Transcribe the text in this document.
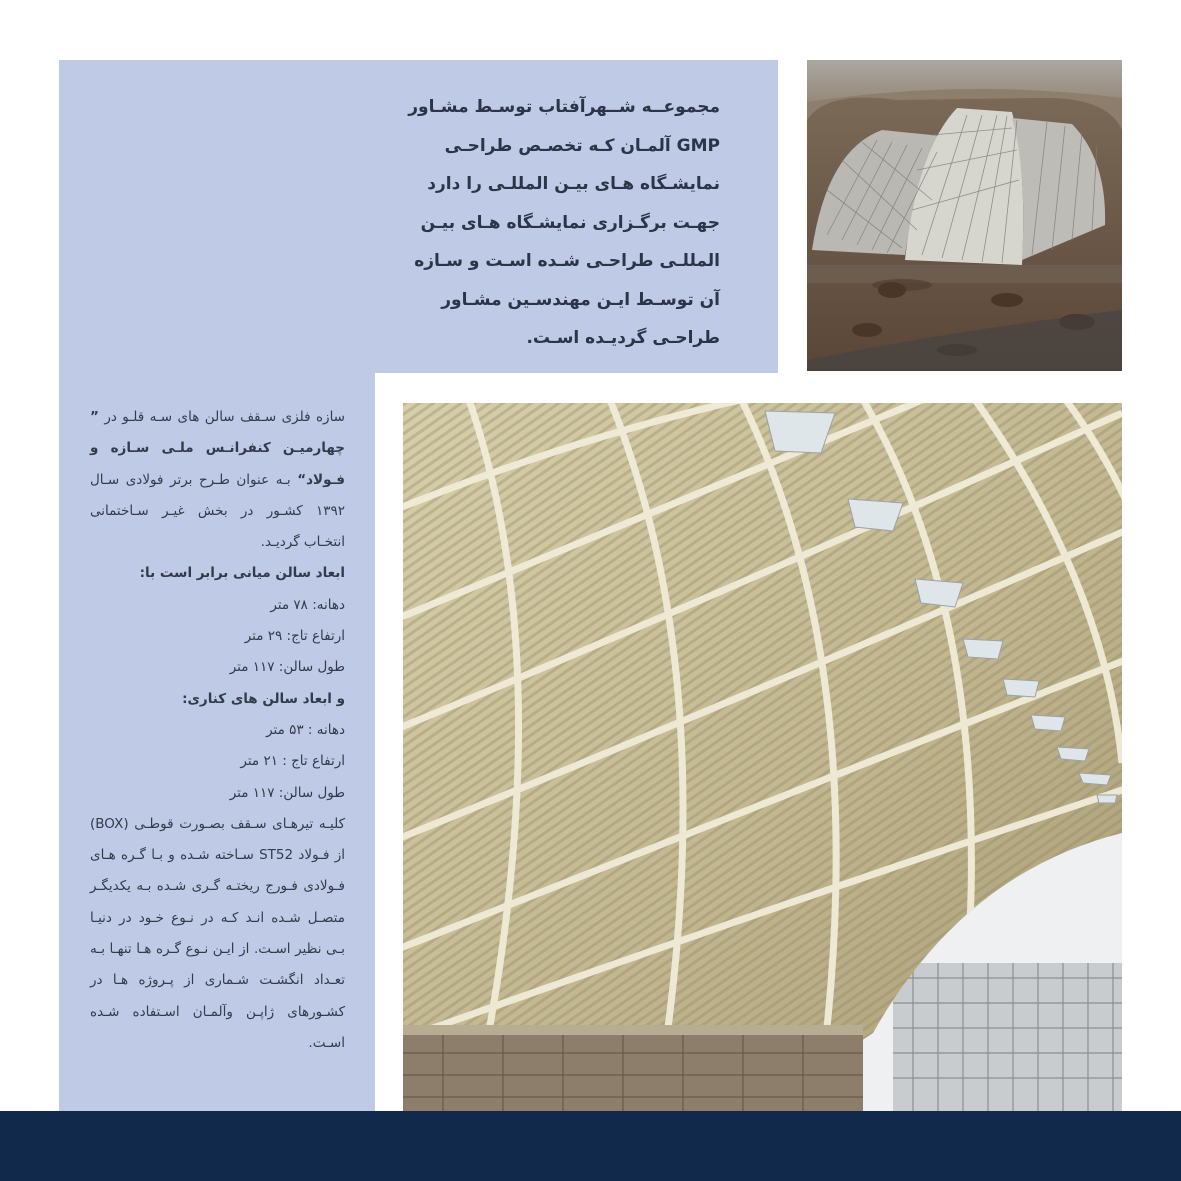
مجموعــه شــهرآفتاب توسـط مشـاور

GMP آلمـان کـه تخصـص طراحـی

نمایشـگاه هـای بیـن المللـی را دارد

جهـت برگـزاری نمایشـگاه هـای بیـن

المللـی طراحـی شـده اسـت و سـازه

آن توسـط ایـن مهندسـین مشـاور

طراحـی گردیـده اسـت.

سازه فلزی سـقف سالن های سـه قلـو در ” چهارمیـن کنفرانـس ملـی سـازه و فـولاد“ بـه عنوان طـرح برتر فولادی سـال ۱۳۹۲ کشـور در بخش غیـر سـاختمانی انتخـاب گردیـد.

ابعاد سالن میانی برابر است با:

دهانه: ۷۸ متر

ارتفاع تاج: ۲۹ متر

طول سالن: ۱۱۷ متر

و ابعاد سالن های کناری:

دهانه : ۵۳ متر

ارتفاع تاج : ۲۱ متر

طول سالن: ۱۱۷ متر

کلیـه تیرهـای سـقف بصـورت قوطـی (BOX) از فـولاد ST52 سـاخته شـده و بـا گـره هـای فـولادی فـورج ریختـه گـری شـده بـه یکدیگـر متصـل شـده انـد کـه در نـوع خـود در دنیـا بـی نظیر اسـت. از ایـن نـوع گـره هـا تنهـا بـه تعـداد انگشـت شـماری از پـروژه هـا در کشـورهای ژاپـن وآلمـان اسـتفاده شـده اسـت.
